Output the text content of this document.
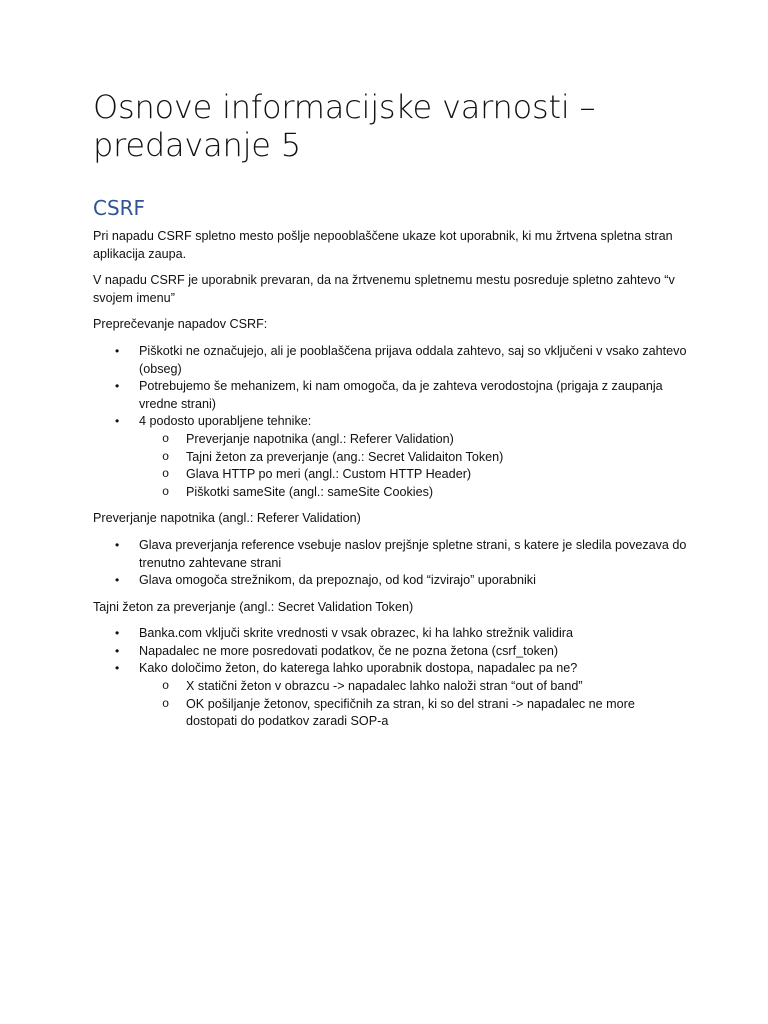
Osnove informacijske varnosti –
predavanje 5
CSRF

Pri napadu CSRF spletno mesto pošlje nepooblaščene ukaze kot uporabnik, ki mu žrtvena spletna stran aplikacija zaupa.

V napadu CSRF je uporabnik prevaran, da na žrtvenemu spletnemu mestu posreduje spletno zahtevo “v svojem imenu”

Preprečevanje napadov CSRF:

• Piškotki ne označujejo, ali je pooblaščena prijava oddala zahtevo, saj so vključeni v vsako zahtevo (obseg)
• Potrebujemo še mehanizem, ki nam omogoča, da je zahteva verodostojna (prigaja z zaupanja vredne strani)
• 4 podosto uporabljene tehnike:
o Preverjanje napotnika (angl.: Referer Validation)
o Tajni žeton za preverjanje (ang.: Secret Validaiton Token)
o Glava HTTP po meri (angl.: Custom HTTP Header)
o Piškotki sameSite (angl.: sameSite Cookies)

Preverjanje napotnika (angl.: Referer Validation)

• Glava preverjanja reference vsebuje naslov prejšnje spletne strani, s katere je sledila povezava do trenutno zahtevane strani
• Glava omogoča strežnikom, da prepoznajo, od kod “izvirajo” uporabniki

Tajni žeton za preverjanje (angl.: Secret Validation Token)

• Banka.com vključi skrite vrednosti v vsak obrazec, ki ha lahko strežnik validira
• Napadalec ne more posredovati podatkov, če ne pozna žetona (csrf_token)
• Kako določimo žeton, do katerega lahko uporabnik dostopa, napadalec pa ne?
o X statični žeton v obrazcu -> napadalec lahko naloži stran “out of band”
o OK pošiljanje žetonov, specifičnih za stran, ki so del strani -> napadalec ne more dostopati do podatkov zaradi SOP-a
